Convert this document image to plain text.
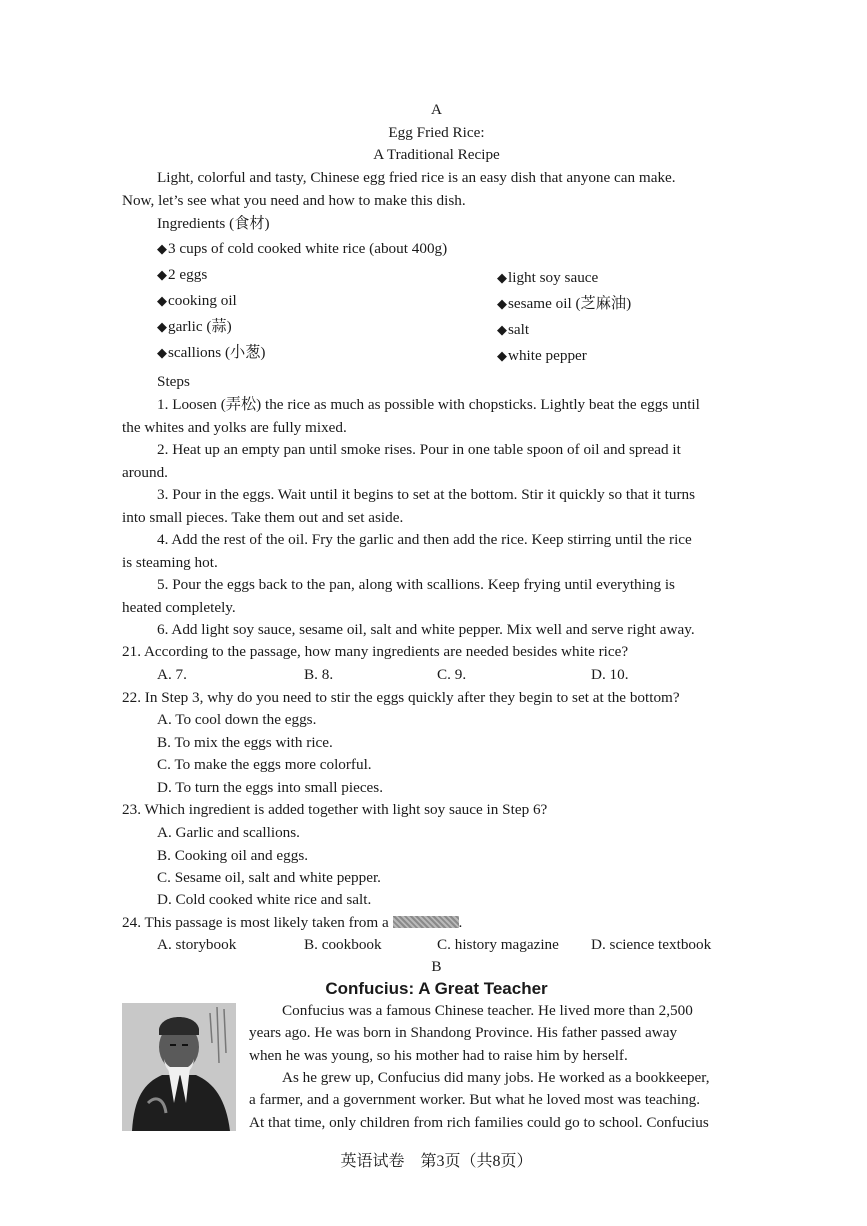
A
Egg Fried Rice:
A Traditional Recipe
Light, colorful and tasty, Chinese egg fried rice is an easy dish that anyone can make.
Now, let’s see what you need and how to make this dish.
Ingredients (食材)
◆ 3 cups of cold cooked white rice (about 400g)
◆ 2 eggs
◆ cooking oil
◆ garlic (蒜)
◆ scallions (小葱)
◆ light soy sauce
◆ sesame oil (芝麻油)
◆ salt
◆ white pepper
Steps
1. Loosen (弄松) the rice as much as possible with chopsticks. Lightly beat the eggs until
the whites and yolks are fully mixed.
2. Heat up an empty pan until smoke rises. Pour in one table spoon of oil and spread it
around.
3. Pour in the eggs. Wait until it begins to set at the bottom. Stir it quickly so that it turns
into small pieces. Take them out and set aside.
4. Add the rest of the oil. Fry the garlic and then add the rice. Keep stirring until the rice
is steaming hot.
5. Pour the eggs back to the pan, along with scallions. Keep frying until everything is
heated completely.
6. Add light soy sauce, sesame oil, salt and white pepper. Mix well and serve right away.
21. According to the passage, how many ingredients are needed besides white rice?
A. 7.	B. 8.	C. 9.	D. 10.
22. In Step 3, why do you need to stir the eggs quickly after they begin to set at the bottom?
A. To cool down the eggs.
B. To mix the eggs with rice.
C. To make the eggs more colorful.
D. To turn the eggs into small pieces.
23. Which ingredient is added together with light soy sauce in Step 6?
A. Garlic and scallions.
B. Cooking oil and eggs.
C. Sesame oil, salt and white pepper.
D. Cold cooked white rice and salt.
24. This passage is most likely taken from a	.
A. storybook	B. cookbook	C. history magazine D. science textbook
B
Confucius: A Great Teacher
Confucius was a famous Chinese teacher. He lived more than 2,500
years ago. He was born in Shandong Province. His father passed away
when he was young, so his mother had to raise him by herself.
As he grew up, Confucius did many jobs. He worked as a bookkeeper,
a farmer, and a government worker. But what he loved most was teaching.
At that time, only children from rich families could go to school. Confucius
英语试卷　第3页（共8页）
